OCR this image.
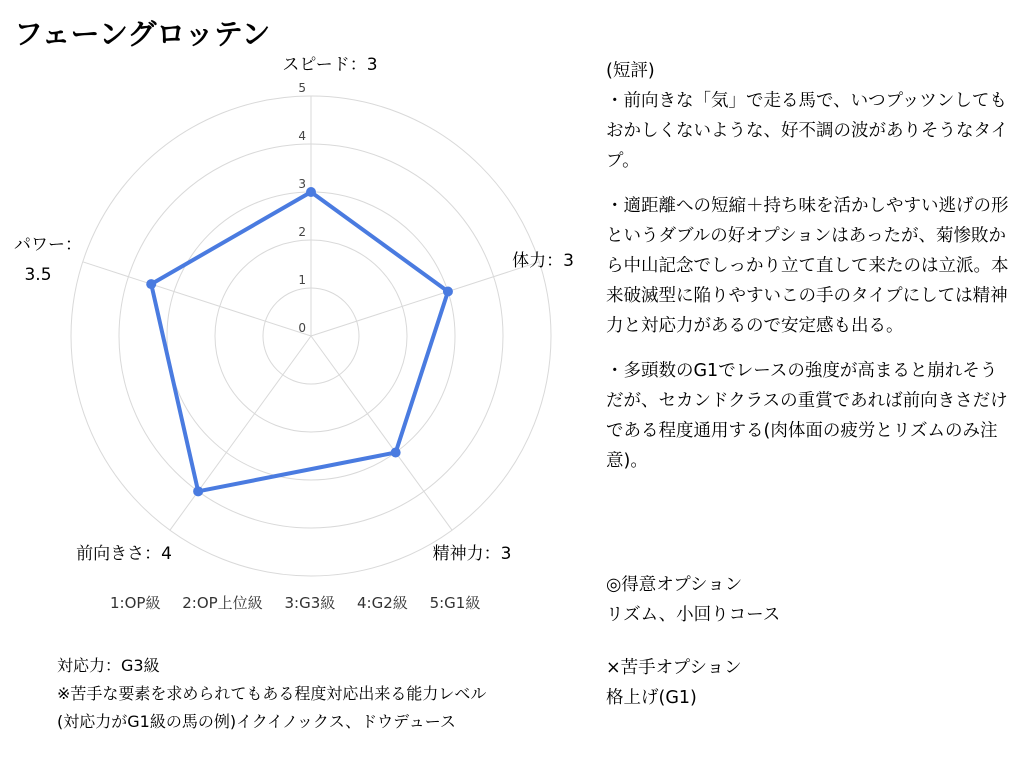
フェーングロッテン
0
1
2
3
4
5
スピード：3
体力：3
精神力：3
前向きさ：4
パワー： 3.5
1:OP級 2:OP上位級 3:G3級 4:G2級 5:G1級
対応力：G3級
※苦手な要素を求められてもある程度対応出来る能力レベル
(対応力がG1級の馬の例)イクイノックス、ドウデュース

(短評)

・前向きな「気」で走る馬で、いつプッツンしてもおかしくないような、好不調の波がありそうなタイプ。

・適距離への短縮＋持ち味を活かしやすい逃げの形というダブルの好オプションはあったが、菊惨敗から中山記念でしっかり立て直して来たのは立派。本来破滅型に陥りやすいこの手のタイプにしては精神力と対応力があるので安定感も出る。

・多頭数のG1でレースの強度が高まると崩れそうだが、セカンドクラスの重賞であれば前向きさだけである程度通用する(肉体面の疲労とリズムのみ注意)。

◎得意オプション
リズム、小回りコース
×苦手オプション
格上げ(G1)
